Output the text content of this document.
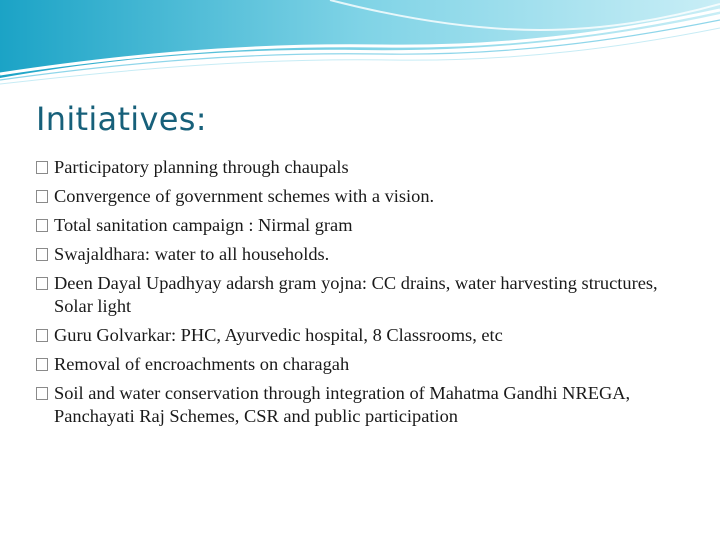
Initiatives:
Participatory planning through chaupals
Convergence of government schemes with a vision.
Total sanitation campaign : Nirmal gram
Swajaldhara: water to all households.
Deen Dayal Upadhyay adarsh gram yojna: CC drains, water harvesting structures, Solar light
Guru Golvarkar: PHC, Ayurvedic hospital, 8 Classrooms, etc
Removal of encroachments on charagah
Soil and water conservation through integration of Mahatma Gandhi NREGA, Panchayati Raj Schemes, CSR and public participation
